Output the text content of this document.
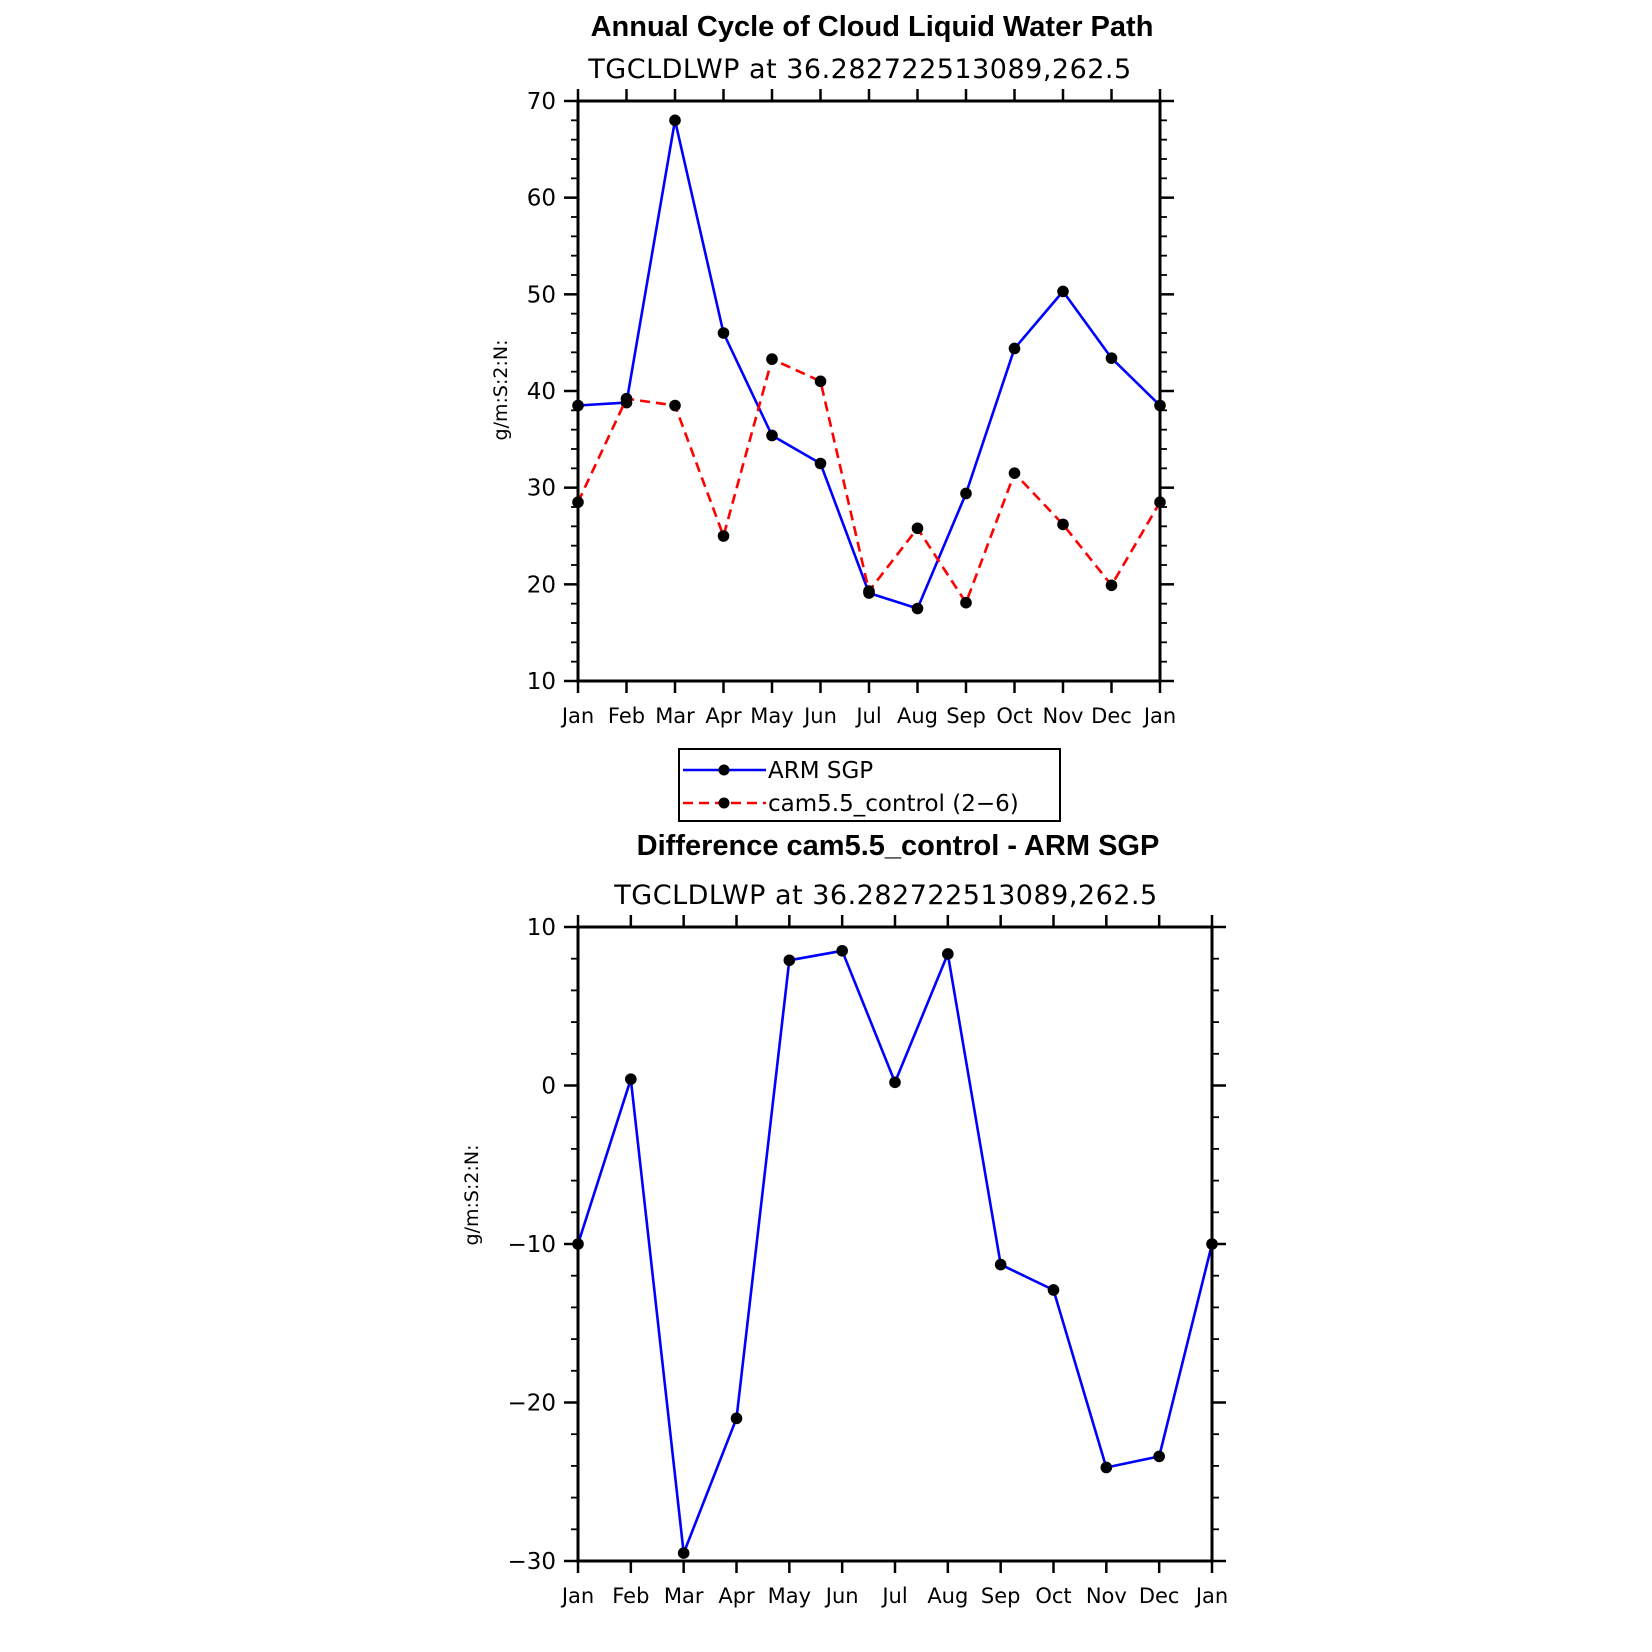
Annual Cycle of Cloud Liquid Water Path
TGCLDLWP at 36.282722513089,262.5
g/m:S:2:N:
Jan Feb Mar Apr May Jun Jul Aug Sep Oct Nov Dec Jan
10
20
30
40
50
60
70
ARM SGP
cam5.5_control (2−6)
Difference cam5.5_control - ARM SGP
TGCLDLWP at 36.282722513089,262.5
g/m:S:2:N:
Jan Feb Mar Apr May Jun Jul Aug Sep Oct Nov Dec Jan
10
0
−10
−20
−30
